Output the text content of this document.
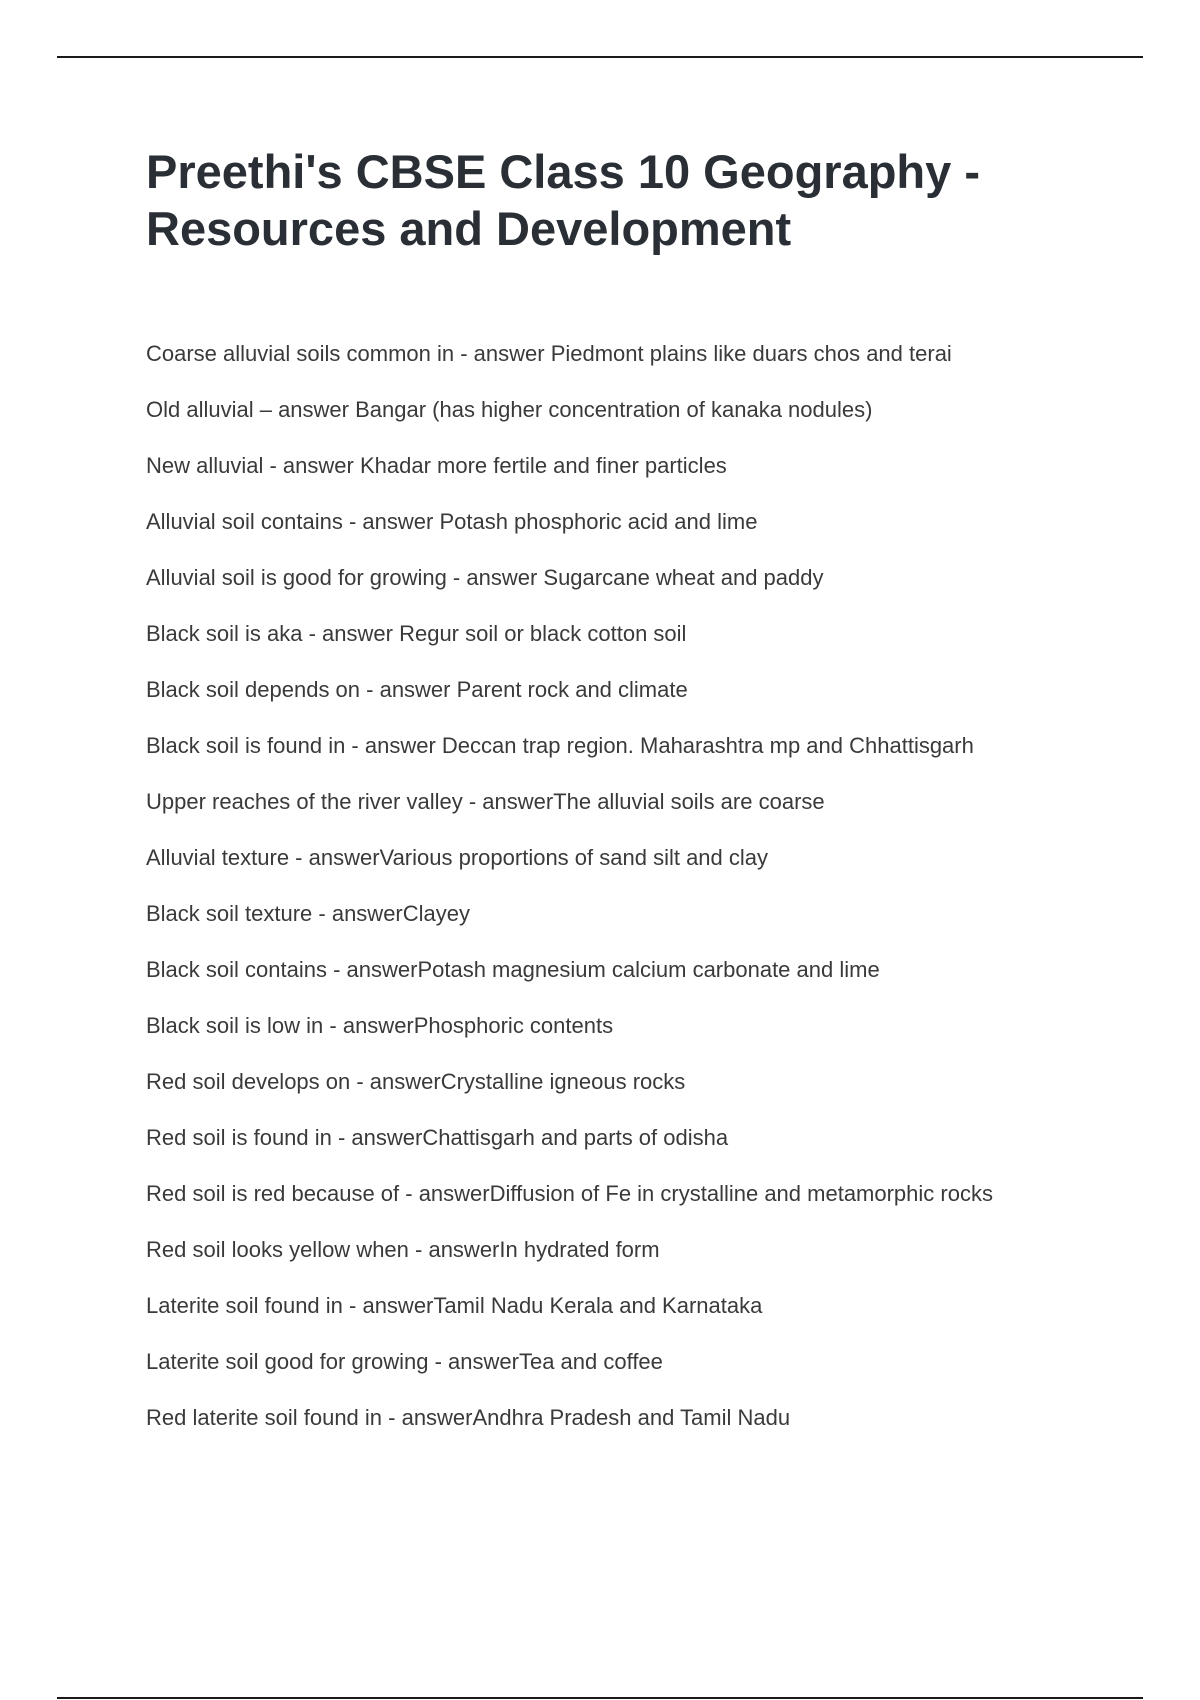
Preethi's CBSE Class 10 Geography - Resources and Development
Coarse alluvial soils common in - answer Piedmont plains like duars chos and terai
Old alluvial – answer Bangar (has higher concentration of kanaka nodules)
New alluvial - answer Khadar more fertile and finer particles
Alluvial soil contains - answer Potash phosphoric acid and lime
Alluvial soil is good for growing - answer Sugarcane wheat and paddy
Black soil is aka - answer Regur soil or black cotton soil
Black soil depends on - answer Parent rock and climate
Black soil is found in - answer Deccan trap region. Maharashtra mp and Chhattisgarh
Upper reaches of the river valley - answerThe alluvial soils are coarse
Alluvial texture - answerVarious proportions of sand silt and clay
Black soil texture - answerClayey
Black soil contains - answerPotash magnesium calcium carbonate and lime
Black soil is low in - answerPhosphoric contents
Red soil develops on - answerCrystalline igneous rocks
Red soil is found in - answerChattisgarh and parts of odisha
Red soil is red because of - answerDiffusion of Fe in crystalline and metamorphic rocks
Red soil looks yellow when - answerIn hydrated form
Laterite soil found in - answerTamil Nadu Kerala and Karnataka
Laterite soil good for growing - answerTea and coffee
Red laterite soil found in - answerAndhra Pradesh and Tamil Nadu
